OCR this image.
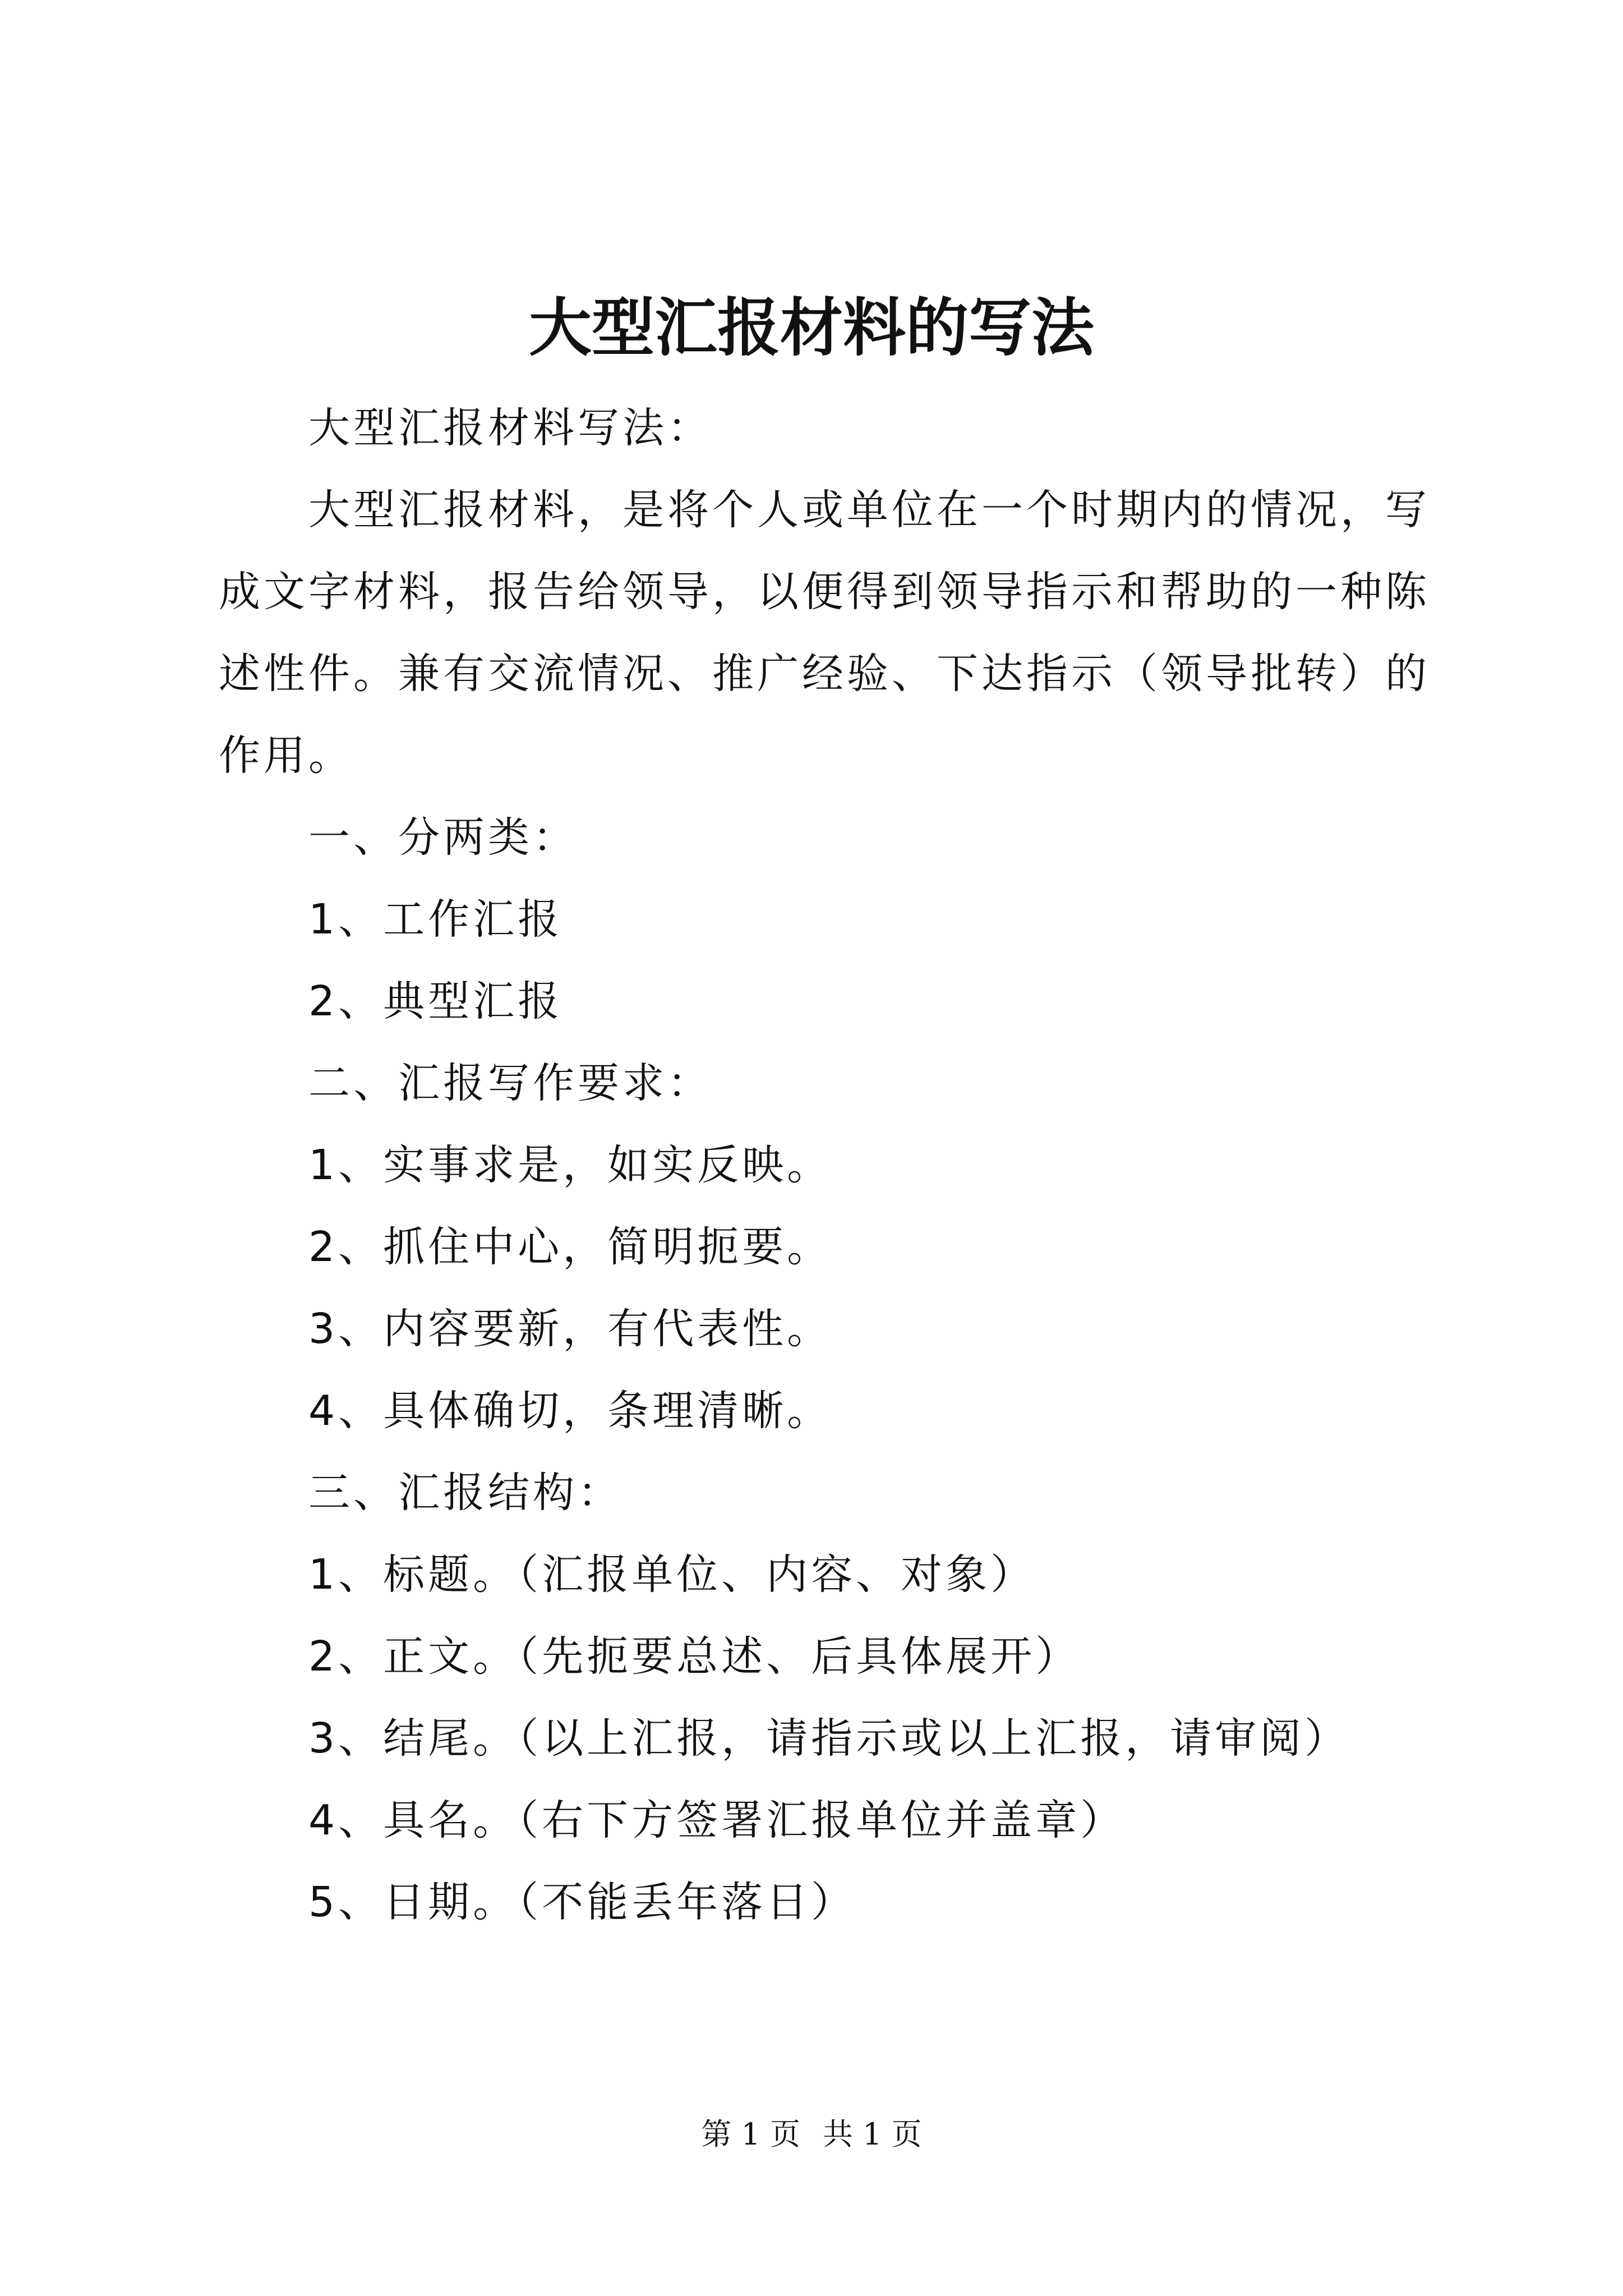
大型汇报材料的写法

大型汇报材料写法：

大型汇报材料，是将个人或单位在一个时期内的情况，写成文字材料，报告给领导，以便得到领导指示和帮助的一种陈述性件。兼有交流情况、推广经验、下达指示（领导批转）的作用。

一、分两类：

1、工作汇报

2、典型汇报

二、汇报写作要求：

1、实事求是，如实反映。

2、抓住中心，简明扼要。

3、内容要新，有代表性。

4、具体确切，条理清晰。

三、汇报结构：

1、标题。（汇报单位、内容、对象）

2、正文。（先扼要总述、后具体展开）

3、结尾。（以上汇报，请指示或以上汇报，请审阅）

4、具名。（右下方签署汇报单位并盖章）

5、日期。（不能丢年落日）

第 1 页 共 1 页
